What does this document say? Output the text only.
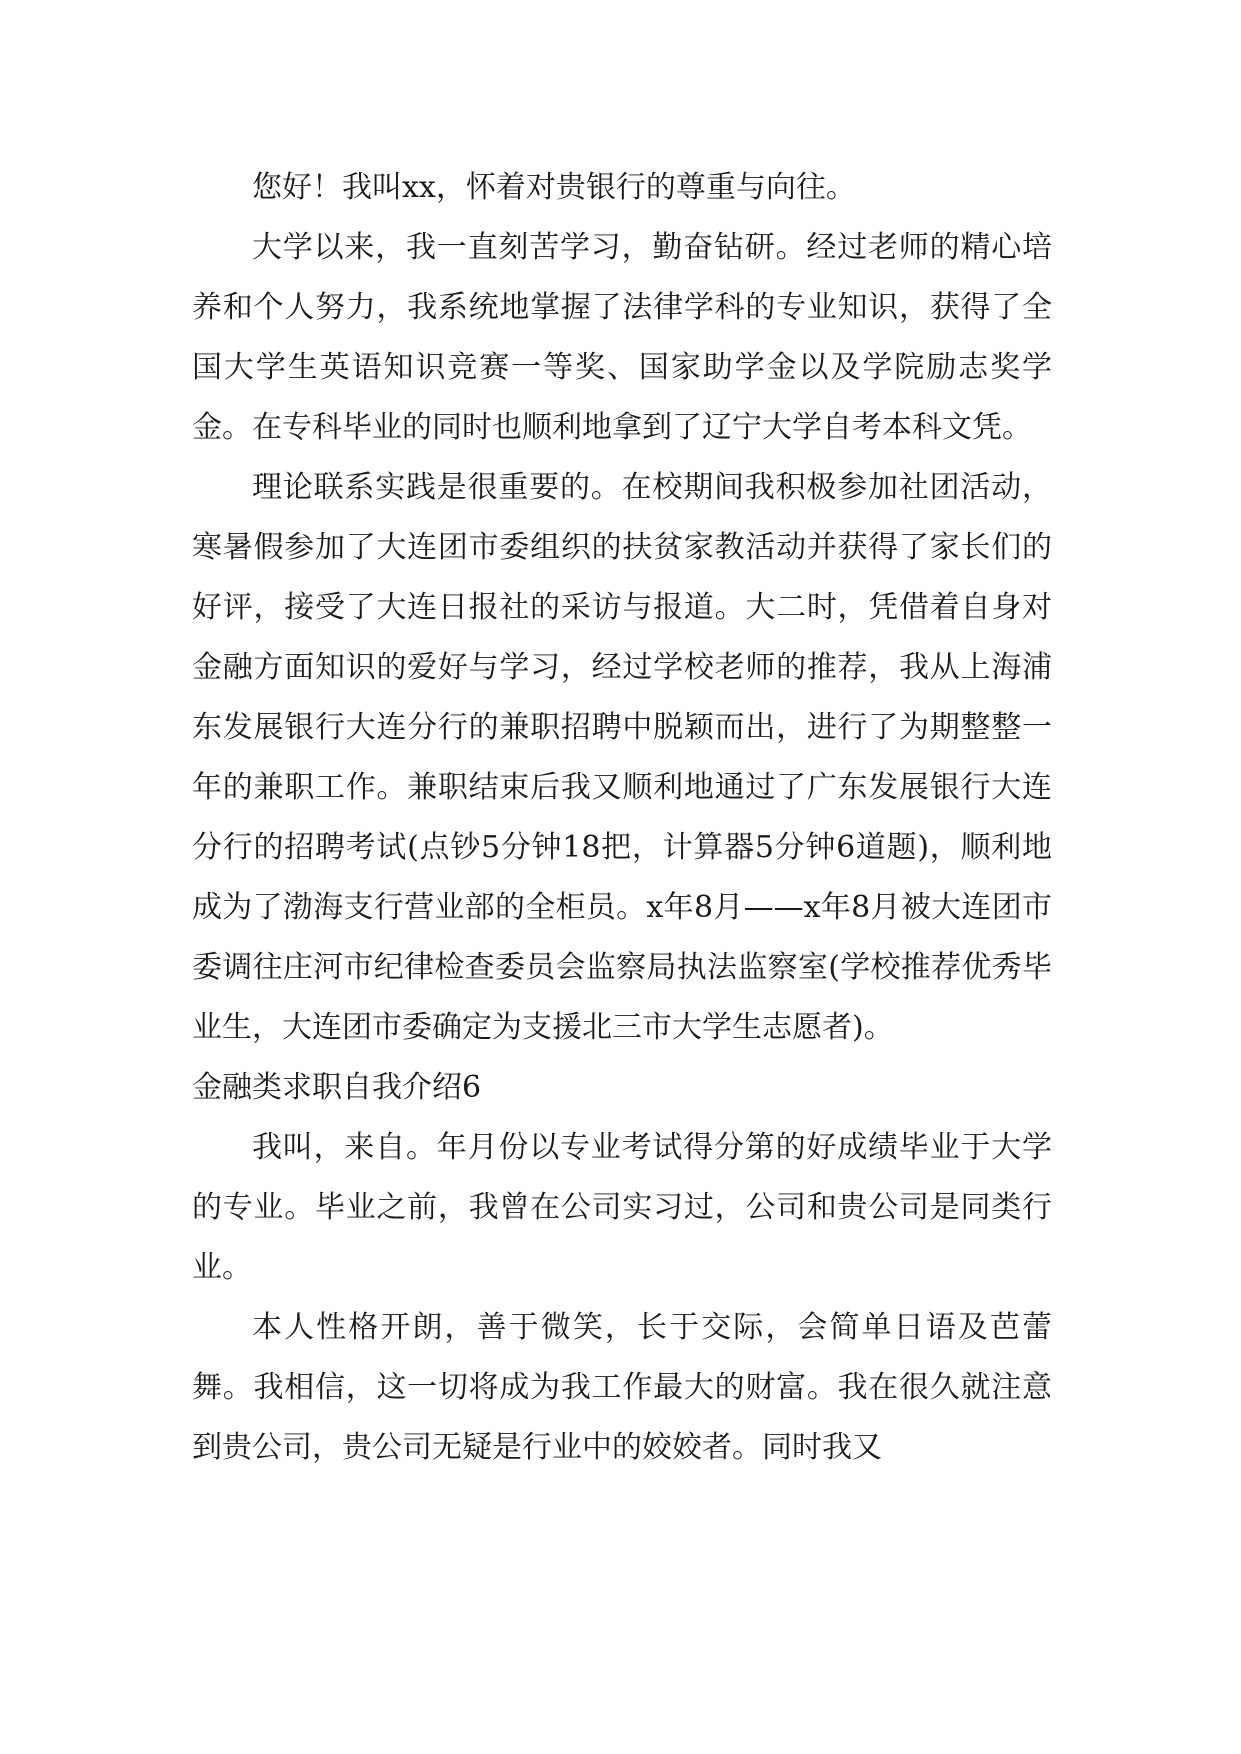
您好！我叫xx，怀着对贵银行的尊重与向往。

大学以来，我一直刻苦学习，勤奋钻研。经过老师的精心培养和个人努力，我系统地掌握了法律学科的专业知识，获得了全国大学生英语知识竞赛一等奖、国家助学金以及学院励志奖学金。在专科毕业的同时也顺利地拿到了辽宁大学自考本科文凭。

理论联系实践是很重要的。在校期间我积极参加社团活动，寒暑假参加了大连团市委组织的扶贫家教活动并获得了家长们的好评，接受了大连日报社的采访与报道。大二时，凭借着自身对金融方面知识的爱好与学习，经过学校老师的推荐，我从上海浦东发展银行大连分行的兼职招聘中脱颖而出，进行了为期整整一年的兼职工作。兼职结束后我又顺利地通过了广东发展银行大连分行的招聘考试(点钞5分钟18把，计算器5分钟6道题)，顺利地成为了渤海支行营业部的全柜员。x年8月——x年8月被大连团市委调往庄河市纪律检查委员会监察局执法监察室(学校推荐优秀毕业生，大连团市委确定为支援北三市大学生志愿者)。

金融类求职自我介绍6

我叫，来自。年月份以专业考试得分第的好成绩毕业于大学的专业。毕业之前，我曾在公司实习过，公司和贵公司是同类行业。

本人性格开朗，善于微笑，长于交际，会简单日语及芭蕾舞。我相信，这一切将成为我工作最大的财富。我在很久就注意到贵公司，贵公司无疑是行业中的姣姣者。同时我又
